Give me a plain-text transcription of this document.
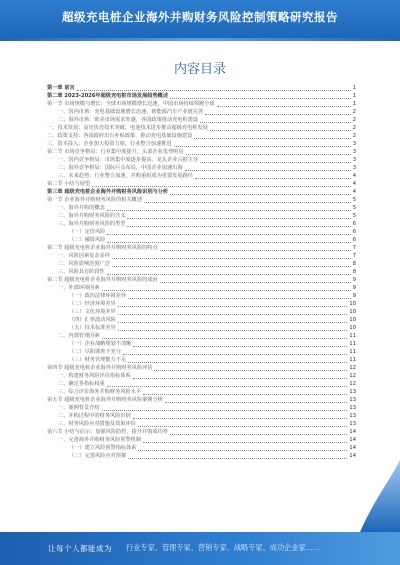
超级充电桩企业海外并购财务风险控制策略研究报告
内容目录
第一章 前言	1
第二章 2023-2026年超级充电桩市场发展趋势概述	1
第一节 市场规模与增长：全球市场规模增长迅速，中国市场持续领跑全球	1
一、国内市场：充电基础设施增长迅速，新能源汽车产业链完善	2
二、海外市场：欧美市场需求旺盛，各国政策推动充电桩建设	2
一、技术发展：高压快充技术突破，电池技术进步推动超级充电桩发展	2
二、政策支持：各国政府出台补贴政策，推动充电基础设施建设	2
三、资本投入：企业加大投资力度，行业整合加速推进	3
第二节 市场竞争格局：行业集中度提升，头部企业优势明显	3
一、国内竞争格局：市场集中度逐步提高，龙头企业占据主导	3
二、海外竞争格局：国际巨头布局，中国企业加速出海	3
三、未来趋势：行业整合加速，并购重组成为重要发展路径	4
第三节 小结与展望	4
第三章 超级充电桩企业海外并购财务风险识别与分析	4
第一节 企业海外并购财务风险的相关概述	5
一、海外并购的概念	5
二、海外并购财务风险的含义	5
三、海外并购财务风险的类型	6
（一）定价风险	6
（二）融资风险	6
第二节 超级充电桩企业海外并购财务风险的特点	7
一、风险因素复杂多样	7
二、风险影响范围广泛	8
三、风险具有阶段性	8
第三节 超级充电桩企业海外并购财务风险的成因	9
一、外部环境因素	9
（一）政治法律环境差异	9
（二）经济环境差异	10
（三）文化环境差异	10
（四）汇率波动风险	10
（五）技术标准差异	10
二、内部管理因素	11
（一）企业战略规划不清晰	11
（二）尽职调查不充分	11
（三）财务管理能力不足	11
第四节 超级充电桩企业海外并购财务风险评估	12
一、构建财务风险评价指标体系	12
二、确定各指标权重	12
三、综合评价海外并购财务风险水平	13
第五节 超级充电桩企业海外并购财务风险案例分析	13
一、案例背景介绍	13
二、并购过程中的财务风险识别	13
三、财务风险应对措施及效果评价	13
第六节 小结与启示：加强风险防控，提升并购成功率	14
一、完善海外并购财务风险预警机制	14
（一）建立风险预警指标体系	14
（二）完善风险应对预案	14
让每个人都能成为 行业专家、管理专家、营销专家、战略专家、成功企业家……
